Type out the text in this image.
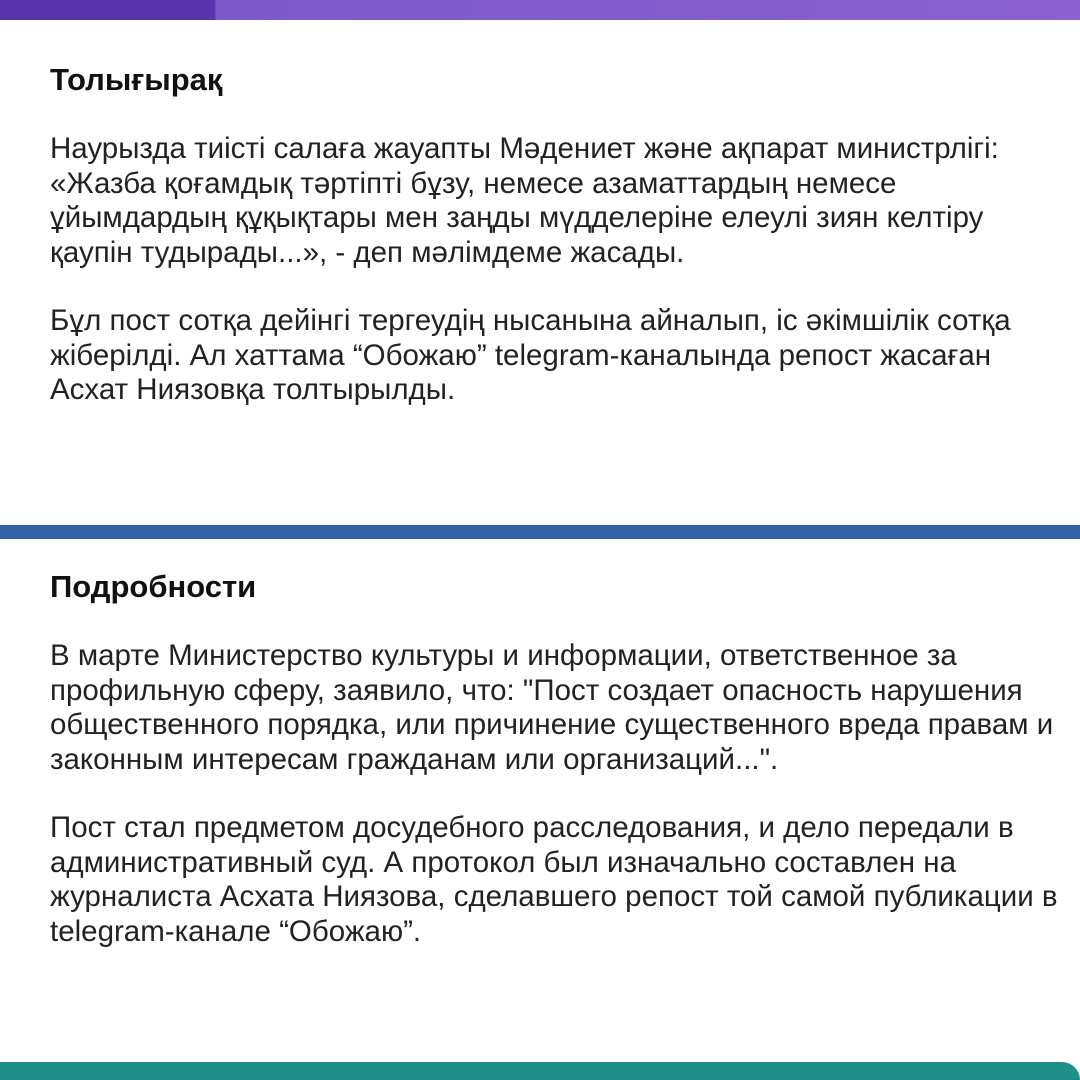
Толығырақ
Наурызда тиісті салаға жауапты Мәдениет және ақпарат министрлігі: «Жазба қоғамдық тәртіпті бұзу, немесе азаматтардың немесе ұйымдардың құқықтары мен заңды мүдделеріне елеулі зиян келтіру қаупін тудырады...», - деп мәлімдеме жасады.
Бұл пост сотқа дейінгі тергеудің нысанына айналып, іс әкімшілік сотқа жіберілді. Ал хаттама “Обожаю” telegram-каналында репост жасаған Асхат Ниязовқа толтырылды.
Подробности
В марте Министерство культуры и информации, ответственное за профильную сферу, заявило, что: "Пост создает опасность нарушения общественного порядка, или причинение существенного вреда правам и законным интересам гражданам или организаций...".
Пост стал предметом досудебного расследования, и дело передали в административный суд. А протокол был изначально составлен на журналиста Асхата Ниязова, сделавшего репост той самой публикации в telegram-канале “Обожаю”.
